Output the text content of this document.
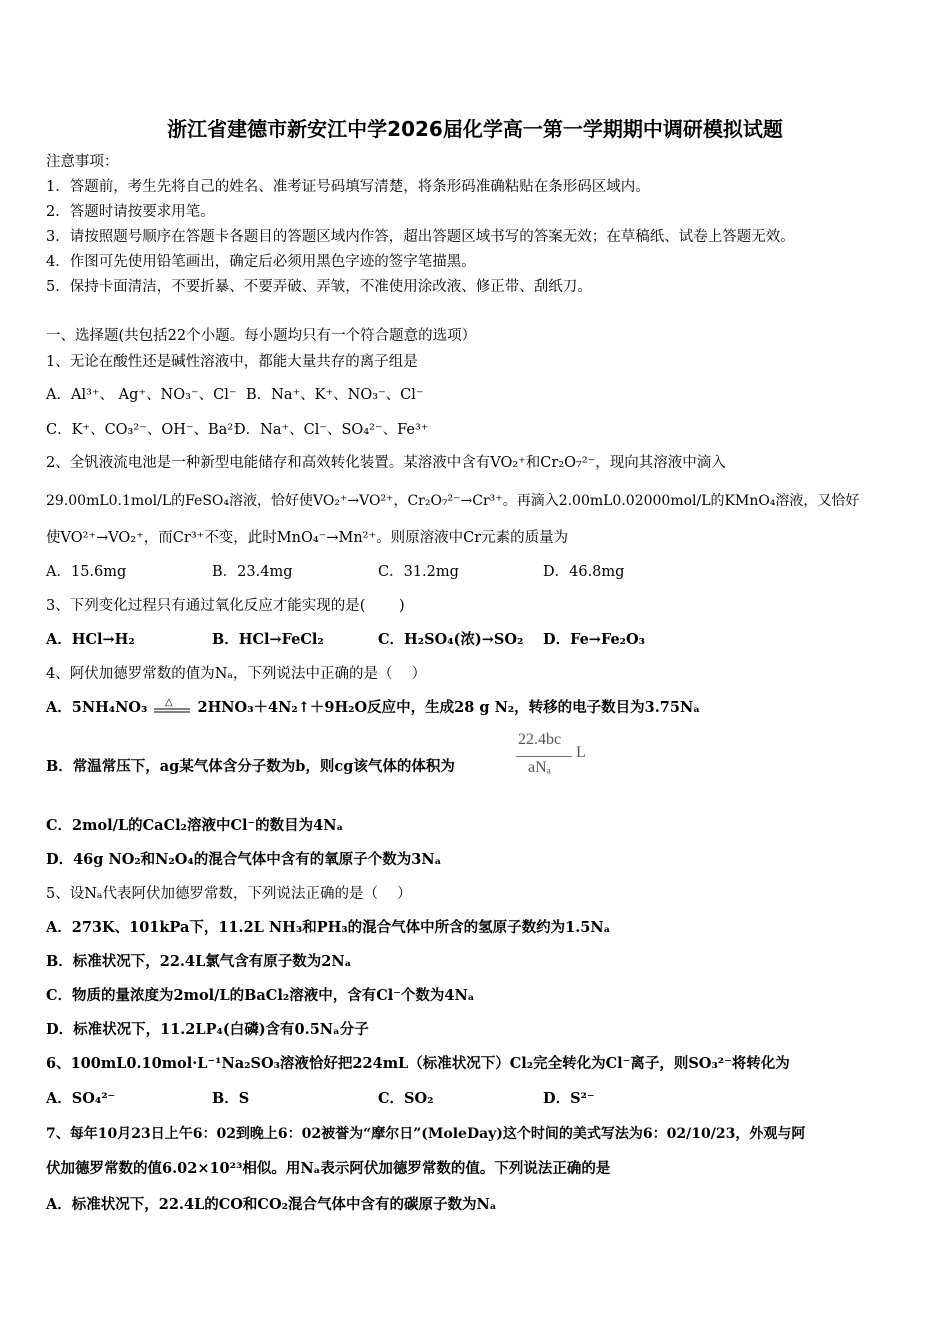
浙江省建德市新安江中学2026届化学高一第一学期期中调研模拟试题
注意事项：
1．答题前，考生先将自己的姓名、准考证号码填写清楚，将条形码准确粘贴在条形码区域内。
2．答题时请按要求用笔。
3．请按照题号顺序在答题卡各题目的答题区域内作答，超出答题区域书写的答案无效；在草稿纸、试卷上答题无效。
4．作图可先使用铅笔画出，确定后必须用黑色字迹的签字笔描黑。
5．保持卡面清洁，不要折暴、不要弄破、弄皱，不准使用涂改液、修正带、刮纸刀。
一、选择题(共包括22个小题。每小题均只有一个符合题意的选项）
1、无论在酸性还是碱性溶液中，都能大量共存的离子组是
A．Al³⁺、 Ag⁺、NO₃⁻、Cl⁻ B．Na⁺、K⁺、NO₃⁻、Cl⁻
C．K⁺、CO₃²⁻、OH⁻、Ba²⁺
D．Na⁺、Cl⁻、SO₄²⁻、Fe³⁺
2、全钒液流电池是一种新型电能储存和高效转化装置。某溶液中含有VO₂⁺和Cr₂O₇²⁻，现向其溶液中滴入
29.00mL0.1mol/L的FeSO₄溶液，恰好使VO₂⁺→VO²⁺，Cr₂O₇²⁻→Cr³⁺。再滴入2.00mL0.02000mol/L的KMnO₄溶液，又恰好
使VO²⁺→VO₂⁺，而Cr³⁺不变，此时MnO₄⁻→Mn²⁺。则原溶液中Cr元素的质量为
A．15.6mg	B．23.4mg	C．31.2mg	D．46.8mg
3、下列变化过程只有通过氧化反应才能实现的是(　　 )
A．HCl→H₂	B．HCl→FeCl₂	C．H₂SO₄(浓)→SO₂ D．Fe→Fe₂O₃
4、阿伏加德罗常数的值为Nₐ，下列说法中正确的是（　 ）
A．5NH₄NO₃ △ 2HNO₃＋4N₂↑＋9H₂O反应中，生成28 g N₂，转移的电子数目为3.75Nₐ
B．常温常压下，ag某气体含分子数为b，则cg该气体的体积为
22.4bc
aNₐ
L
C．2mol/L的CaCl₂溶液中Cl⁻的数目为4Nₐ
D．46g NO₂和N₂O₄的混合气体中含有的氧原子个数为3Nₐ
5、设Nₐ代表阿伏加德罗常数，下列说法正确的是（　 ）
A．273K、101kPa下，11.2L NH₃和PH₃的混合气体中所含的氢原子数约为1.5Nₐ
B．标准状况下，22.4L氯气含有原子数为2Nₐ
C．物质的量浓度为2mol/L的BaCl₂溶液中，含有Cl⁻个数为4Nₐ
D．标准状况下，11.2LP₄(白磷)含有0.5Nₐ分子
6、100mL0.10mol·L⁻¹Na₂SO₃溶液恰好把224mL（标准状况下）Cl₂完全转化为Cl⁻离子，则SO₃²⁻将转化为
A．SO₄²⁻	B．S	C．SO₂	D．S²⁻
7、每年10月23日上午6：02到晚上6：02被誉为“摩尔日”(MoleDay)这个时间的美式写法为6：02/10/23，外观与阿
伏加德罗常数的值6.02×10²³相似。用Nₐ表示阿伏加德罗常数的值。下列说法正确的是
A．标准状况下，22.4L的CO和CO₂混合气体中含有的碳原子数为Nₐ
